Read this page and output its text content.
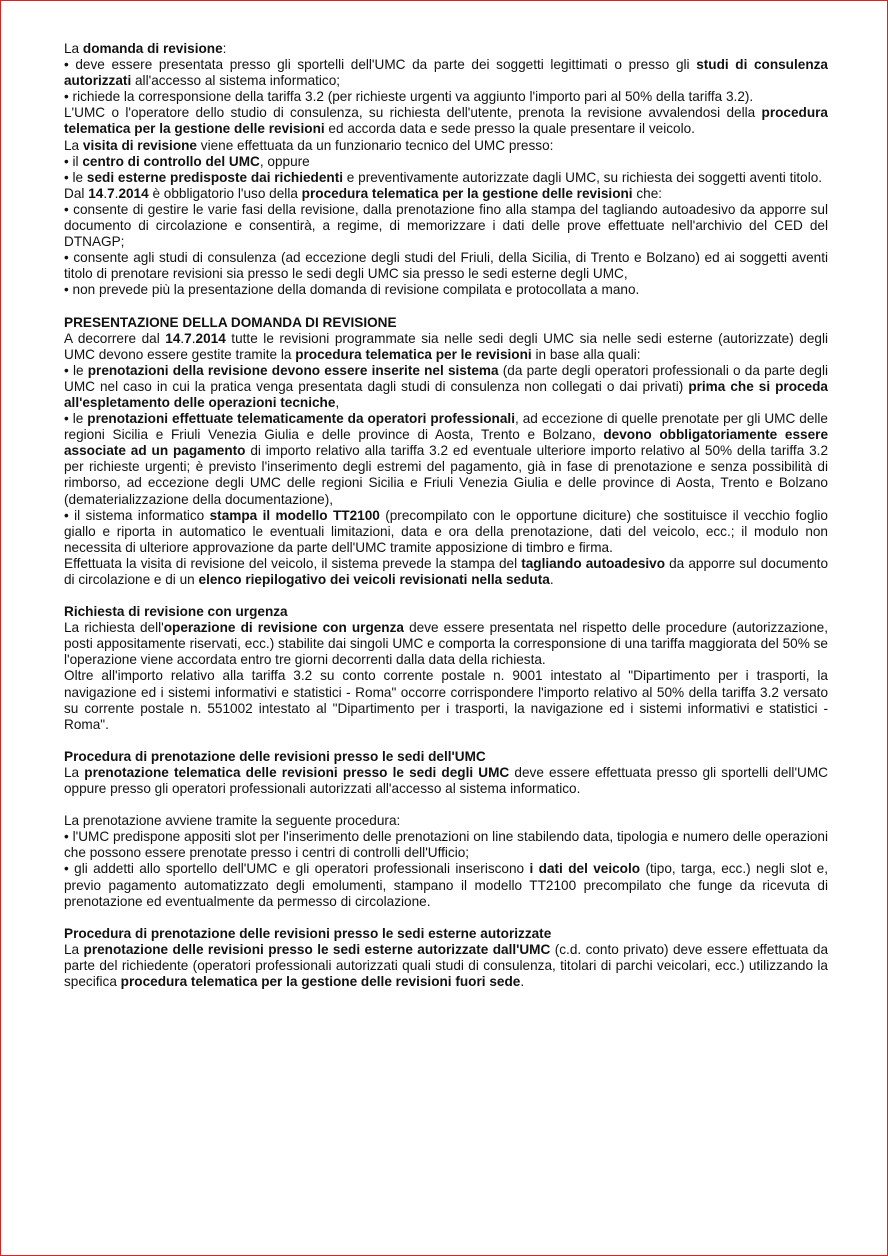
La domanda di revisione:
• deve essere presentata presso gli sportelli dell'UMC da parte dei soggetti legittimati o presso gli studi di consulenza autorizzati all'accesso al sistema informatico;
• richiede la corresponsione della tariffa 3.2 (per richieste urgenti va aggiunto l'importo pari al 50% della tariffa 3.2).
L'UMC o l'operatore dello studio di consulenza, su richiesta dell'utente, prenota la revisione avvalendosi della procedura telematica per la gestione delle revisioni ed accorda data e sede presso la quale presentare il veicolo.
La visita di revisione viene effettuata da un funzionario tecnico del UMC presso:
• il centro di controllo del UMC, oppure
• le sedi esterne predisposte dai richiedenti e preventivamente autorizzate dagli UMC, su richiesta dei soggetti aventi titolo.
Dal 14.7.2014 è obbligatorio l'uso della procedura telematica per la gestione delle revisioni che:
• consente di gestire le varie fasi della revisione, dalla prenotazione fino alla stampa del tagliando autoadesivo da apporre sul documento di circolazione e consentirà, a regime, di memorizzare i dati delle prove effettuate nell'archivio del CED del DTNAGP;
• consente agli studi di consulenza (ad eccezione degli studi del Friuli, della Sicilia, di Trento e Bolzano) ed ai soggetti aventi titolo di prenotare revisioni sia presso le sedi degli UMC sia presso le sedi esterne degli UMC,
• non prevede più la presentazione della domanda di revisione compilata e protocollata a mano.
PRESENTAZIONE DELLA DOMANDA DI REVISIONE
A decorrere dal 14.7.2014 tutte le revisioni programmate sia nelle sedi degli UMC sia nelle sedi esterne (autorizzate) degli UMC devono essere gestite tramite la procedura telematica per le revisioni in base alla quali:
• le prenotazioni della revisione devono essere inserite nel sistema (da parte degli operatori professionali o da parte degli UMC nel caso in cui la pratica venga presentata dagli studi di consulenza non collegati o dai privati) prima che si proceda all'espletamento delle operazioni tecniche,
• le prenotazioni effettuate telematicamente da operatori professionali, ad eccezione di quelle prenotate per gli UMC delle regioni Sicilia e Friuli Venezia Giulia e delle province di Aosta, Trento e Bolzano, devono obbligatoriamente essere associate ad un pagamento di importo relativo alla tariffa 3.2 ed eventuale ulteriore importo relativo al 50% della tariffa 3.2 per richieste urgenti; è previsto l'inserimento degli estremi del pagamento, già in fase di prenotazione e senza possibilità di rimborso, ad eccezione degli UMC delle regioni Sicilia e Friuli Venezia Giulia e delle province di Aosta, Trento e Bolzano (dematerializzazione della documentazione),
• il sistema informatico stampa il modello TT2100 (precompilato con le opportune diciture) che sostituisce il vecchio foglio giallo e riporta in automatico le eventuali limitazioni, data e ora della prenotazione, dati del veicolo, ecc.; il modulo non necessita di ulteriore approvazione da parte dell'UMC tramite apposizione di timbro e firma.
Effettuata la visita di revisione del veicolo, il sistema prevede la stampa del tagliando autoadesivo da apporre sul documento di circolazione e di un elenco riepilogativo dei veicoli revisionati nella seduta.
Richiesta di revisione con urgenza
La richiesta dell'operazione di revisione con urgenza deve essere presentata nel rispetto delle procedure (autorizzazione, posti appositamente riservati, ecc.) stabilite dai singoli UMC e comporta la corresponsione di una tariffa maggiorata del 50% se l'operazione viene accordata entro tre giorni decorrenti dalla data della richiesta.
Oltre all'importo relativo alla tariffa 3.2 su conto corrente postale n. 9001 intestato al "Dipartimento per i trasporti, la navigazione ed i sistemi informativi e statistici - Roma" occorre corrispondere l'importo relativo al 50% della tariffa 3.2 versato su corrente postale n. 551002 intestato al "Dipartimento per i trasporti, la navigazione ed i sistemi informativi e statistici - Roma".
Procedura di prenotazione delle revisioni presso le sedi dell'UMC
La prenotazione telematica delle revisioni presso le sedi degli UMC deve essere effettuata presso gli sportelli dell'UMC oppure presso gli operatori professionali autorizzati all'accesso al sistema informatico.
La prenotazione avviene tramite la seguente procedura:
• l'UMC predispone appositi slot per l'inserimento delle prenotazioni on line stabilendo data, tipologia e numero delle operazioni che possono essere prenotate presso i centri di controlli dell'Ufficio;
• gli addetti allo sportello dell'UMC e gli operatori professionali inseriscono i dati del veicolo (tipo, targa, ecc.) negli slot e, previo pagamento automatizzato degli emolumenti, stampano il modello TT2100 precompilato che funge da ricevuta di prenotazione ed eventualmente da permesso di circolazione.
Procedura di prenotazione delle revisioni presso le sedi esterne autorizzate
La prenotazione delle revisioni presso le sedi esterne autorizzate dall'UMC (c.d. conto privato) deve essere effettuata da parte del richiedente (operatori professionali autorizzati quali studi di consulenza, titolari di parchi veicolari, ecc.) utilizzando la specifica procedura telematica per la gestione delle revisioni fuori sede.
